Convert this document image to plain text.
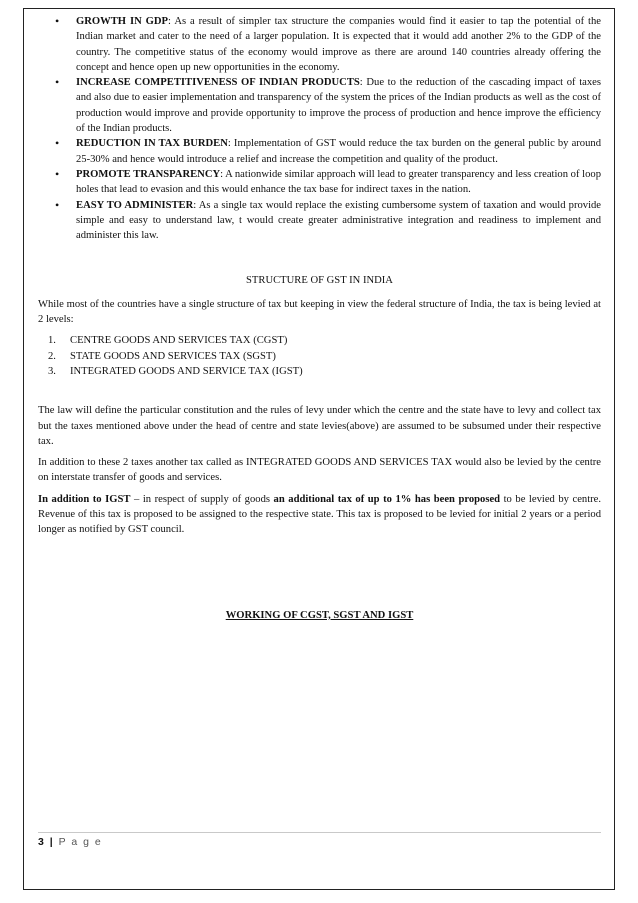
• GROWTH IN GDP: As a result of simpler tax structure the companies would find it easier to tap the potential of the Indian market and cater to the need of a larger population. It is expected that it would add another 2% to the GDP of the country. The competitive status of the economy would improve as there are around 140 countries already offering the concept and hence open up new opportunities in the economy.
• INCREASE COMPETITIVENESS OF INDIAN PRODUCTS: Due to the reduction of the cascading impact of taxes and also due to easier implementation and transparency of the system the prices of the Indian products as well as the cost of production would improve and provide opportunity to improve the process of production and hence improve the efficiency of the Indian products.
• REDUCTION IN TAX BURDEN: Implementation of GST would reduce the tax burden on the general public by around 25-30% and hence would introduce a relief and increase the competition and quality of the product.
• PROMOTE TRANSPARENCY: A nationwide similar approach will lead to greater transparency and less creation of loop holes that lead to evasion and this would enhance the tax base for indirect taxes in the nation.
• EASY TO ADMINISTER: As a single tax would replace the existing cumbersome system of taxation and would provide simple and easy to understand law, t would create greater administrative integration and readiness to implement and administer this law.
STRUCTURE OF GST IN INDIA

While most of the countries have a single structure of tax but keeping in view the federal structure of India, the tax is being levied at 2 levels:

1. CENTRE GOODS AND SERVICES TAX (CGST)
2. STATE GOODS AND SERVICES TAX (SGST)
3. INTEGRATED GOODS AND SERVICE TAX (IGST)

The law will define the particular constitution and the rules of levy under which the centre and the state have to levy and collect tax but the taxes mentioned above under the head of centre and state levies(above) are assumed to be subsumed under their respective tax.

In addition to these 2 taxes another tax called as INTEGRATED GOODS AND SERVICES TAX would also be levied by the centre on interstate transfer of goods and services.

In addition to IGST – in respect of supply of goods an additional tax of up to 1% has been proposed to be levied by centre. Revenue of this tax is proposed to be assigned to the respective state. This tax is proposed to be levied for initial 2 years or a period longer as notified by GST council.

WORKING OF CGST, SGST AND IGST
3 | P a g e
